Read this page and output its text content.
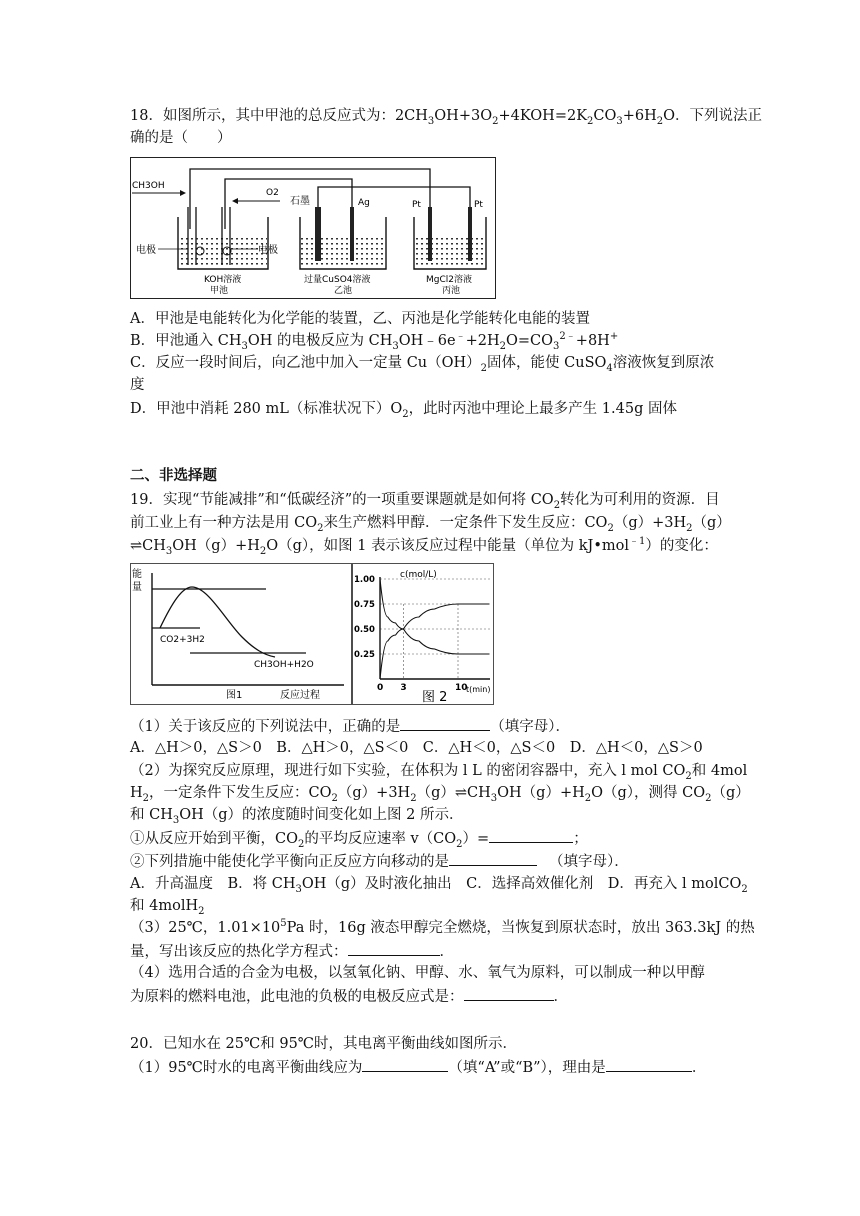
18．如图所示，其中甲池的总反应式为：$2CH_3OH+3O_2+4KOH=2K_2CO_3+6H_2O$．下列说法正
确的是（　　）
CH3OH
O2
电极	电极
KOH溶液
甲池
石墨	Ag
过量CuSO4溶液
乙池
Pt	Pt
MgCl2溶液
丙池
A．甲池是电能转化为化学能的装置，乙、丙池是化学能转化电能的装置
B．甲池通入 $CH_3OH$ 的电极反应为 $CH_3OH﹣6e^﹣+2H_2O=CO_3^{2﹣}+8H^+$
C．反应一段时间后，向乙池中加入一定量 $Cu(OH)_2$固体，能使 CuSO$_4$溶液恢复到原浓
度
D．甲池中消耗 280 mL（标准状况下）$O_2$，此时丙池中理论上最多产生 1.45g 固体
二、非选择题
19．实现“节能减排”和“低碳经济”的一项重要课题就是如何将 $CO_2$转化为可利用的资源．目
前工业上有一种方法是用 $CO_2$来生产燃料甲醇．一定条件下发生反应：$CO_2(g)+3H_2(g)$
$\rightleftharpoons CH_3OH(g)+H_2O(g)$，如图 1 表示该反应过程中能量（单位为 kJ•mol$^{﹣1}$）的变化：
能
量
CO2+3H2
CH3OH+H2O
图1	反应过程
c(mol/L)
t(min)
图 2
0.25
0.50
0.75
1.00
0 3	10
（1）关于该反应的下列说法中，正确的是	（填字母）．
A．△H＞0，△S＞0　B．△H＞0，△S＜0　C．△H＜0，△S＜0　D．△H＜0，△S＞0
（2）为探究反应原理，现进行如下实验，在体积为 l L 的密闭容器中，充入 l mol $CO_2$和 4mol
$H_2$，一定条件下发生反应：$CO_2(g)+3H_2(g)\rightleftharpoons CH_3OH(g)+H_2O(g)$，测得 $CO_2(g)$
和 $CH_3OH(g)$的浓度随时间变化如上图 2 所示．
①从反应开始到平衡，$CO_2$的平均反应速率 $v(CO_2)=$	；
②下列措施中能使化学平衡向正反应方向移动的是	（填字母）．
A．升高温度　B．将 $CH_3OH(g)$及时液化抽出　C．选择高效催化剂　D．再充入 l molCO$_2$
和 4molH$_2$
（3）25℃，$1.01\times 10^5Pa$ 时，16g 液态甲醇完全燃烧，当恢复到原状态时，放出 363.3kJ 的热
量，写出该反应的热化学方程式：	．
（4）选用合适的合金为电极，以氢氧化钠、甲醇、水、氧气为原料，可以制成一种以甲醇
为原料的燃料电池，此电池的负极的电极反应式是：	．
20．已知水在 25℃和 95℃时，其电离平衡曲线如图所示．
（1）95℃时水的电离平衡曲线应为	（填“A”或“B”），理由是	．
